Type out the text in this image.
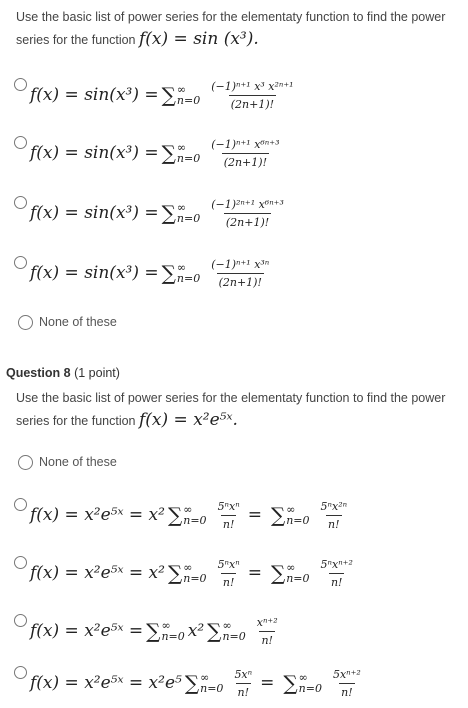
Use the basic list of power series for the elementaty function to find the power
series for the function f(x) = sin (x³).
f(x) = sin(x³) = ∑ ∞
$n=0 \frac{\text{(−1)ⁿ⁺¹ x³ x²ⁿ⁺¹}}{(2n+1)!}$
f(x) = sin(x³) = ∑ ∞
$n=0 \frac{\text{(−1)ⁿ⁺¹ x⁶ⁿ⁺³}}{(2n+1)!}$
f(x) = sin(x³) = ∑ ∞
$n=0 \frac{\text{(−1)²ⁿ⁺¹ x⁶ⁿ⁺³}}{(2n+1)!}$
f(x) = sin(x³) = ∑ ∞
$n=0 \frac{\text{(−1)ⁿ⁺¹ x³ⁿ}}{(2n+1)!}$
None of these
Question 8 (1 point)
Use the basic list of power series for the elementaty function to find the power
series for the function f(x) = x²e⁵ˣ.
None of these
f(x) = x²e⁵ˣ = x² ∑ ∞
$n=0 \frac{\text{5ⁿxⁿ}}{n!}$ = ∑ ∞
$n=0 \frac{\text{5ⁿx²ⁿ}}{n!}$
f(x) = x²e⁵ˣ = x² ∑ ∞
$n=0 \frac{\text{5ⁿxⁿ}}{n!}$ = ∑ ∞
$n=0 \frac{\text{5ⁿxⁿ⁺²}}{n!}$
f(x) = x²e⁵ˣ = ∑ ∞
n=0 x² ∑ ∞
$n=0 \frac{\text{xⁿ⁺²}}{n!}$
f(x) = x²e⁵ˣ = x²e⁵ ∑ ∞
$n=0 \frac{\text{5xⁿ}}{n!}$ = ∑ ∞
$n=0 \frac{\text{5xⁿ⁺²}}{n!}$
